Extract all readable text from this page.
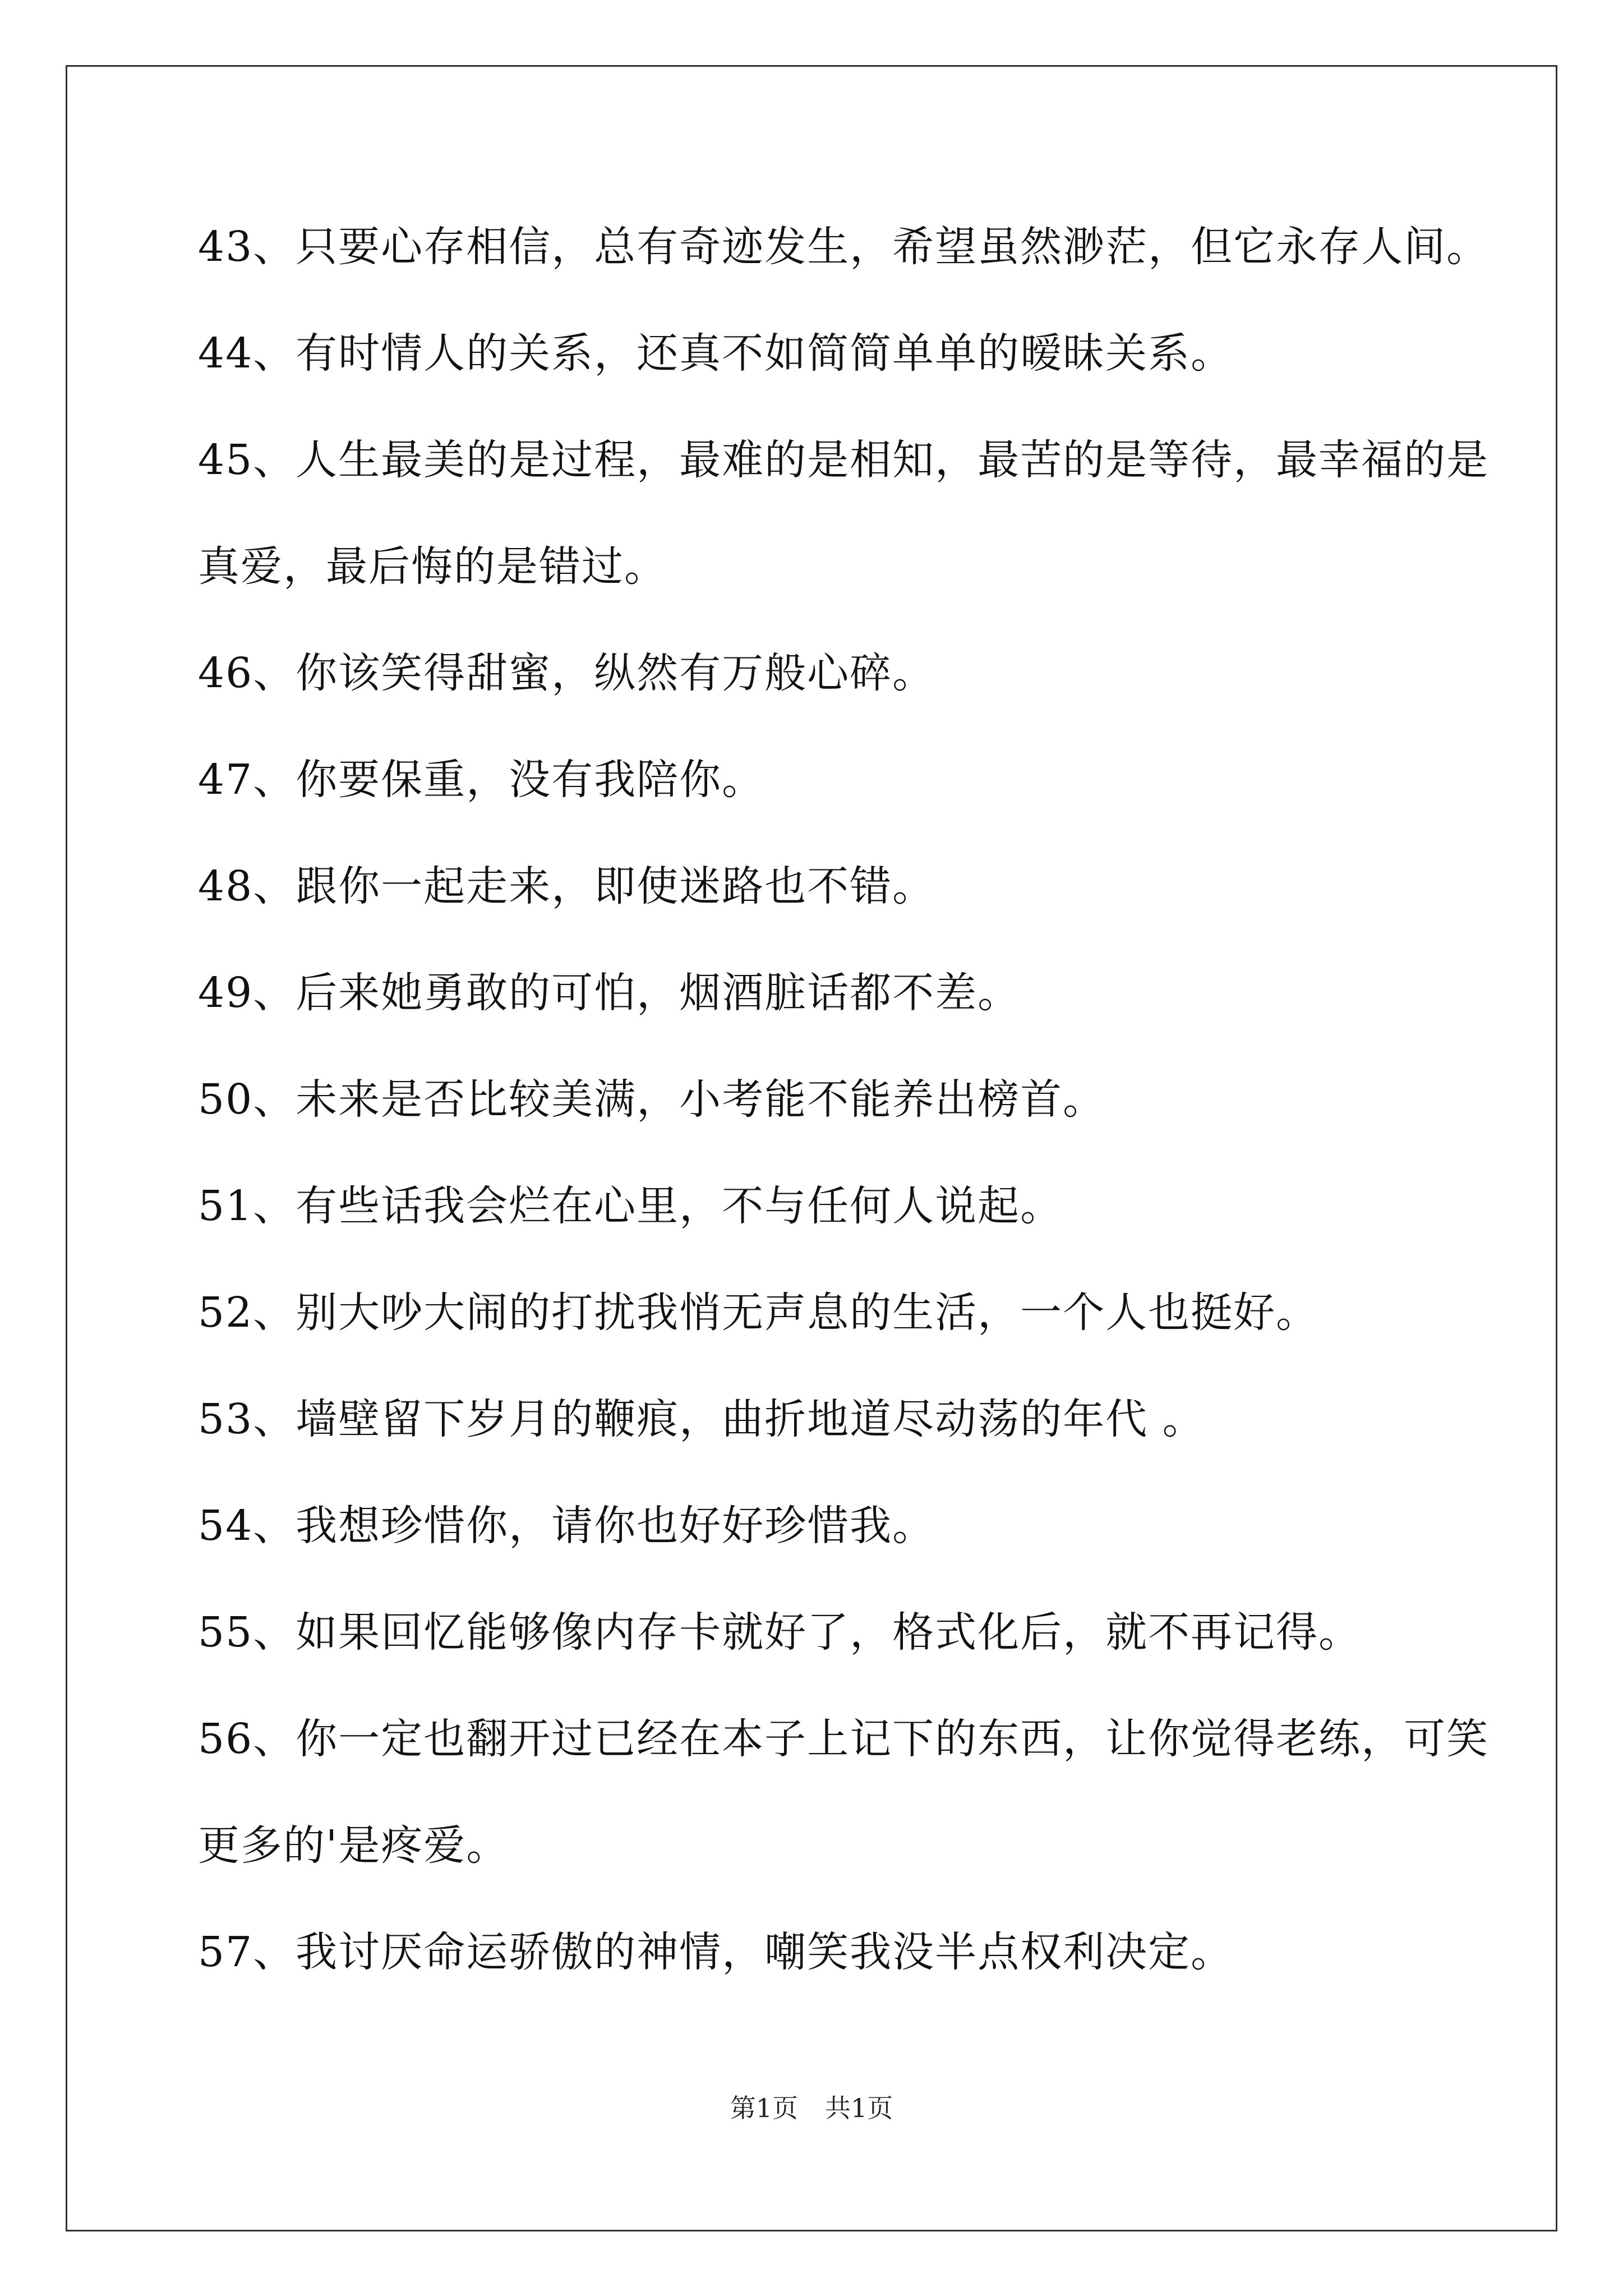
43、只要心存相信，总有奇迹发生，希望虽然渺茫，但它永存人间。
44、有时情人的关系，还真不如简简单单的暧昧关系。
45、人生最美的是过程，最难的是相知，最苦的是等待，最幸福的是
真爱，最后悔的是错过。
46、你该笑得甜蜜，纵然有万般心碎。
47、你要保重，没有我陪你。
48、跟你一起走来，即使迷路也不错。
49、后来她勇敢的可怕，烟酒脏话都不差。
50、未来是否比较美满，小考能不能养出榜首。
51、有些话我会烂在心里，不与任何人说起。
52、别大吵大闹的打扰我悄无声息的生活，一个人也挺好。
53、墙壁留下岁月的鞭痕，曲折地道尽动荡的年代 。
54、我想珍惜你，请你也好好珍惜我。
55、如果回忆能够像内存卡就好了，格式化后，就不再记得。
56、你一定也翻开过已经在本子上记下的东西，让你觉得老练，可笑
更多的'是疼爱。
57、我讨厌命运骄傲的神情，嘲笑我没半点权利决定。
第1页 共1页
